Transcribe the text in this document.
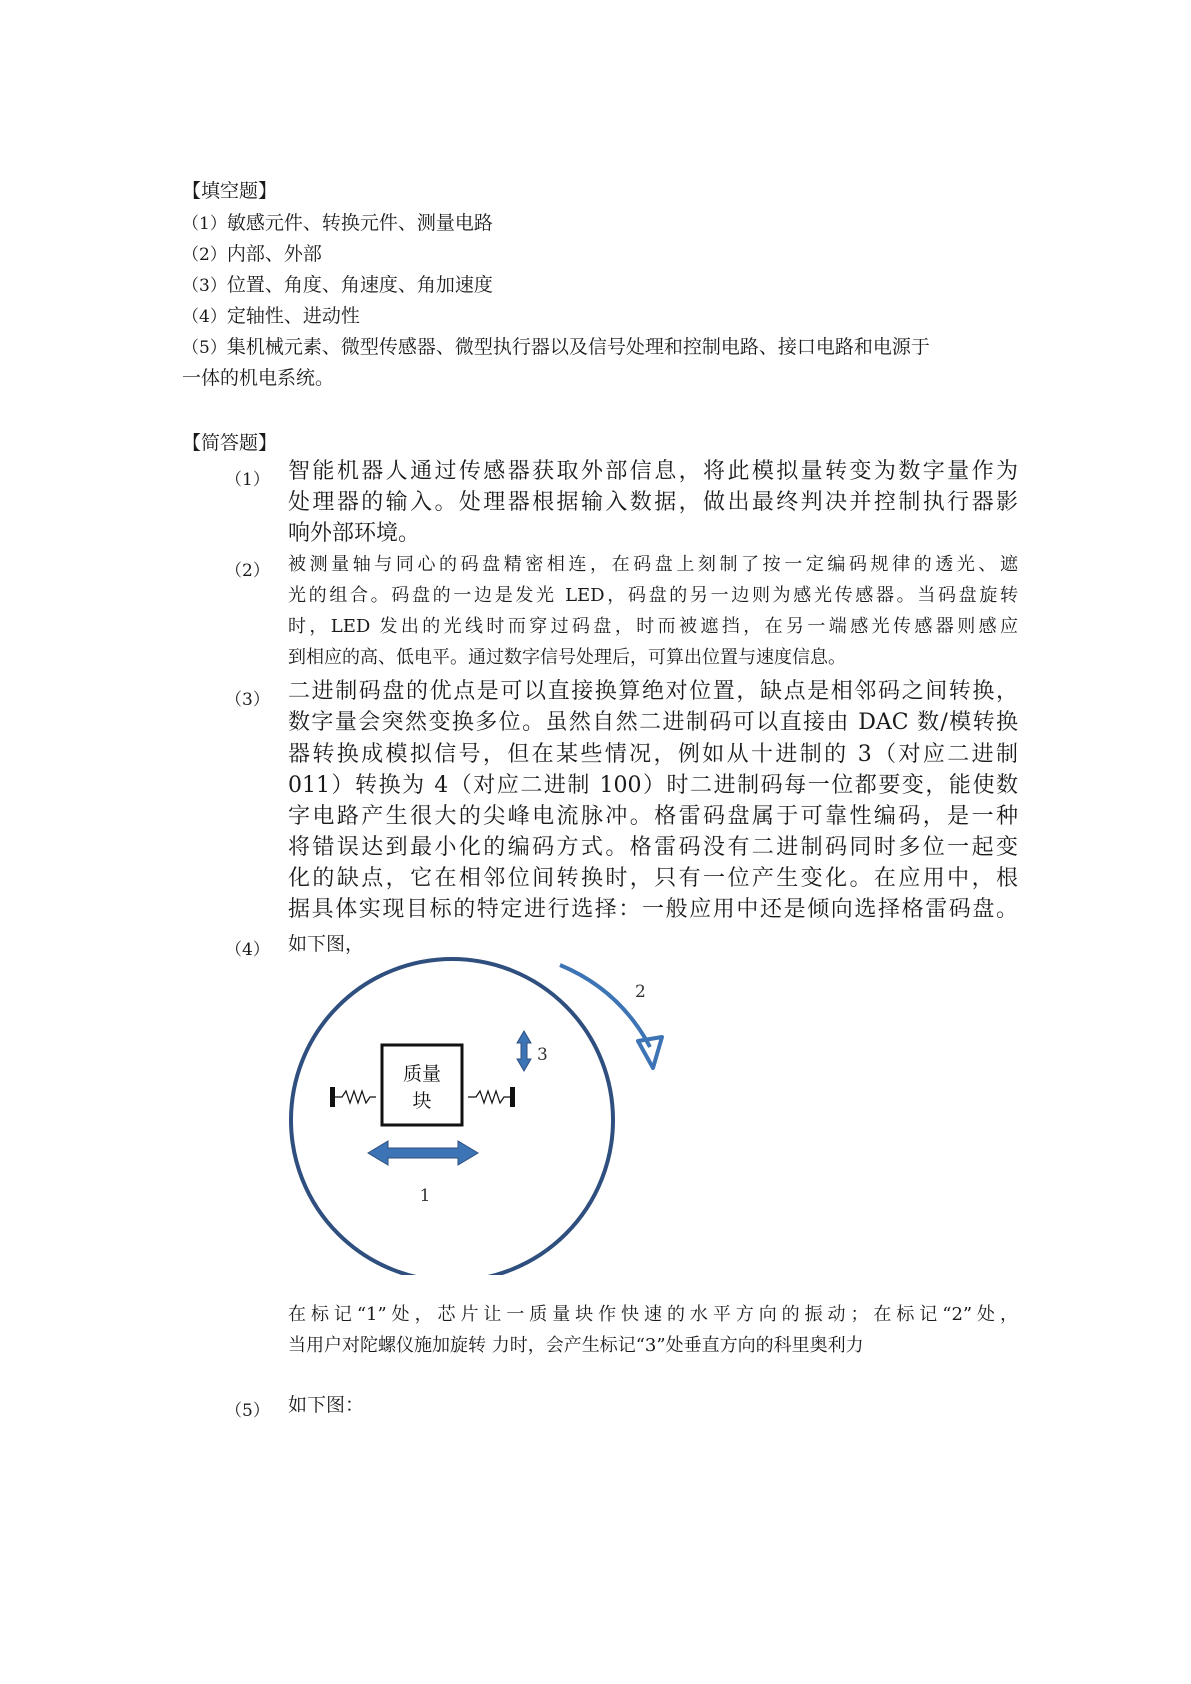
【填空题】
（1）敏感元件、转换元件、测量电路
（2）内部、外部
（3）位置、角度、角速度、角加速度
（4）定轴性、进动性
（5）集机械元素、微型传感器、微型执行器以及信号处理和控制电路、接口电路和电源于
一体的机电系统。
【简答题】
（1） 智能机器人通过传感器获取外部信息，将此模拟量转变为数字量作为
处理器的输入。处理器根据输入数据，做出最终判决并控制执行器影
响外部环境。
（2） 被测量轴与同心的码盘精密相连，在码盘上刻制了按一定编码规律的透光、遮
光的组合。码盘的一边是发光 LED，码盘的另一边则为感光传感器。当码盘旋转
时，LED 发出的光线时而穿过码盘，时而被遮挡，在另一端感光传感器则感应
到相应的高、低电平。通过数字信号处理后，可算出位置与速度信息。
（3） 二进制码盘的优点是可以直接换算绝对位置，缺点是相邻码之间转换，
数字量会突然变换多位。虽然自然二进制码可以直接由 DAC 数/模转换
器转换成模拟信号，但在某些情况，例如从十进制的 3（对应二进制
011）转换为 4（对应二进制 100）时二进制码每一位都要变，能使数
字电路产生很大的尖峰电流脉冲。格雷码盘属于可靠性编码，是一种
将错误达到最小化的编码方式。格雷码没有二进制码同时多位一起变
化的缺点，它在相邻位间转换时，只有一位产生变化。在应用中，根
据具体实现目标的特定进行选择：一般应用中还是倾向选择格雷码盘。
（4） 如下图，
2
3
质量
块
1
在标记“1”处，芯片让一质量块作快速的水平方向的振动；在标记“2”处，
当用户对陀螺仪施加旋转 力时，会产生标记“3”处垂直方向的科里奥利力
（5） 如下图：
